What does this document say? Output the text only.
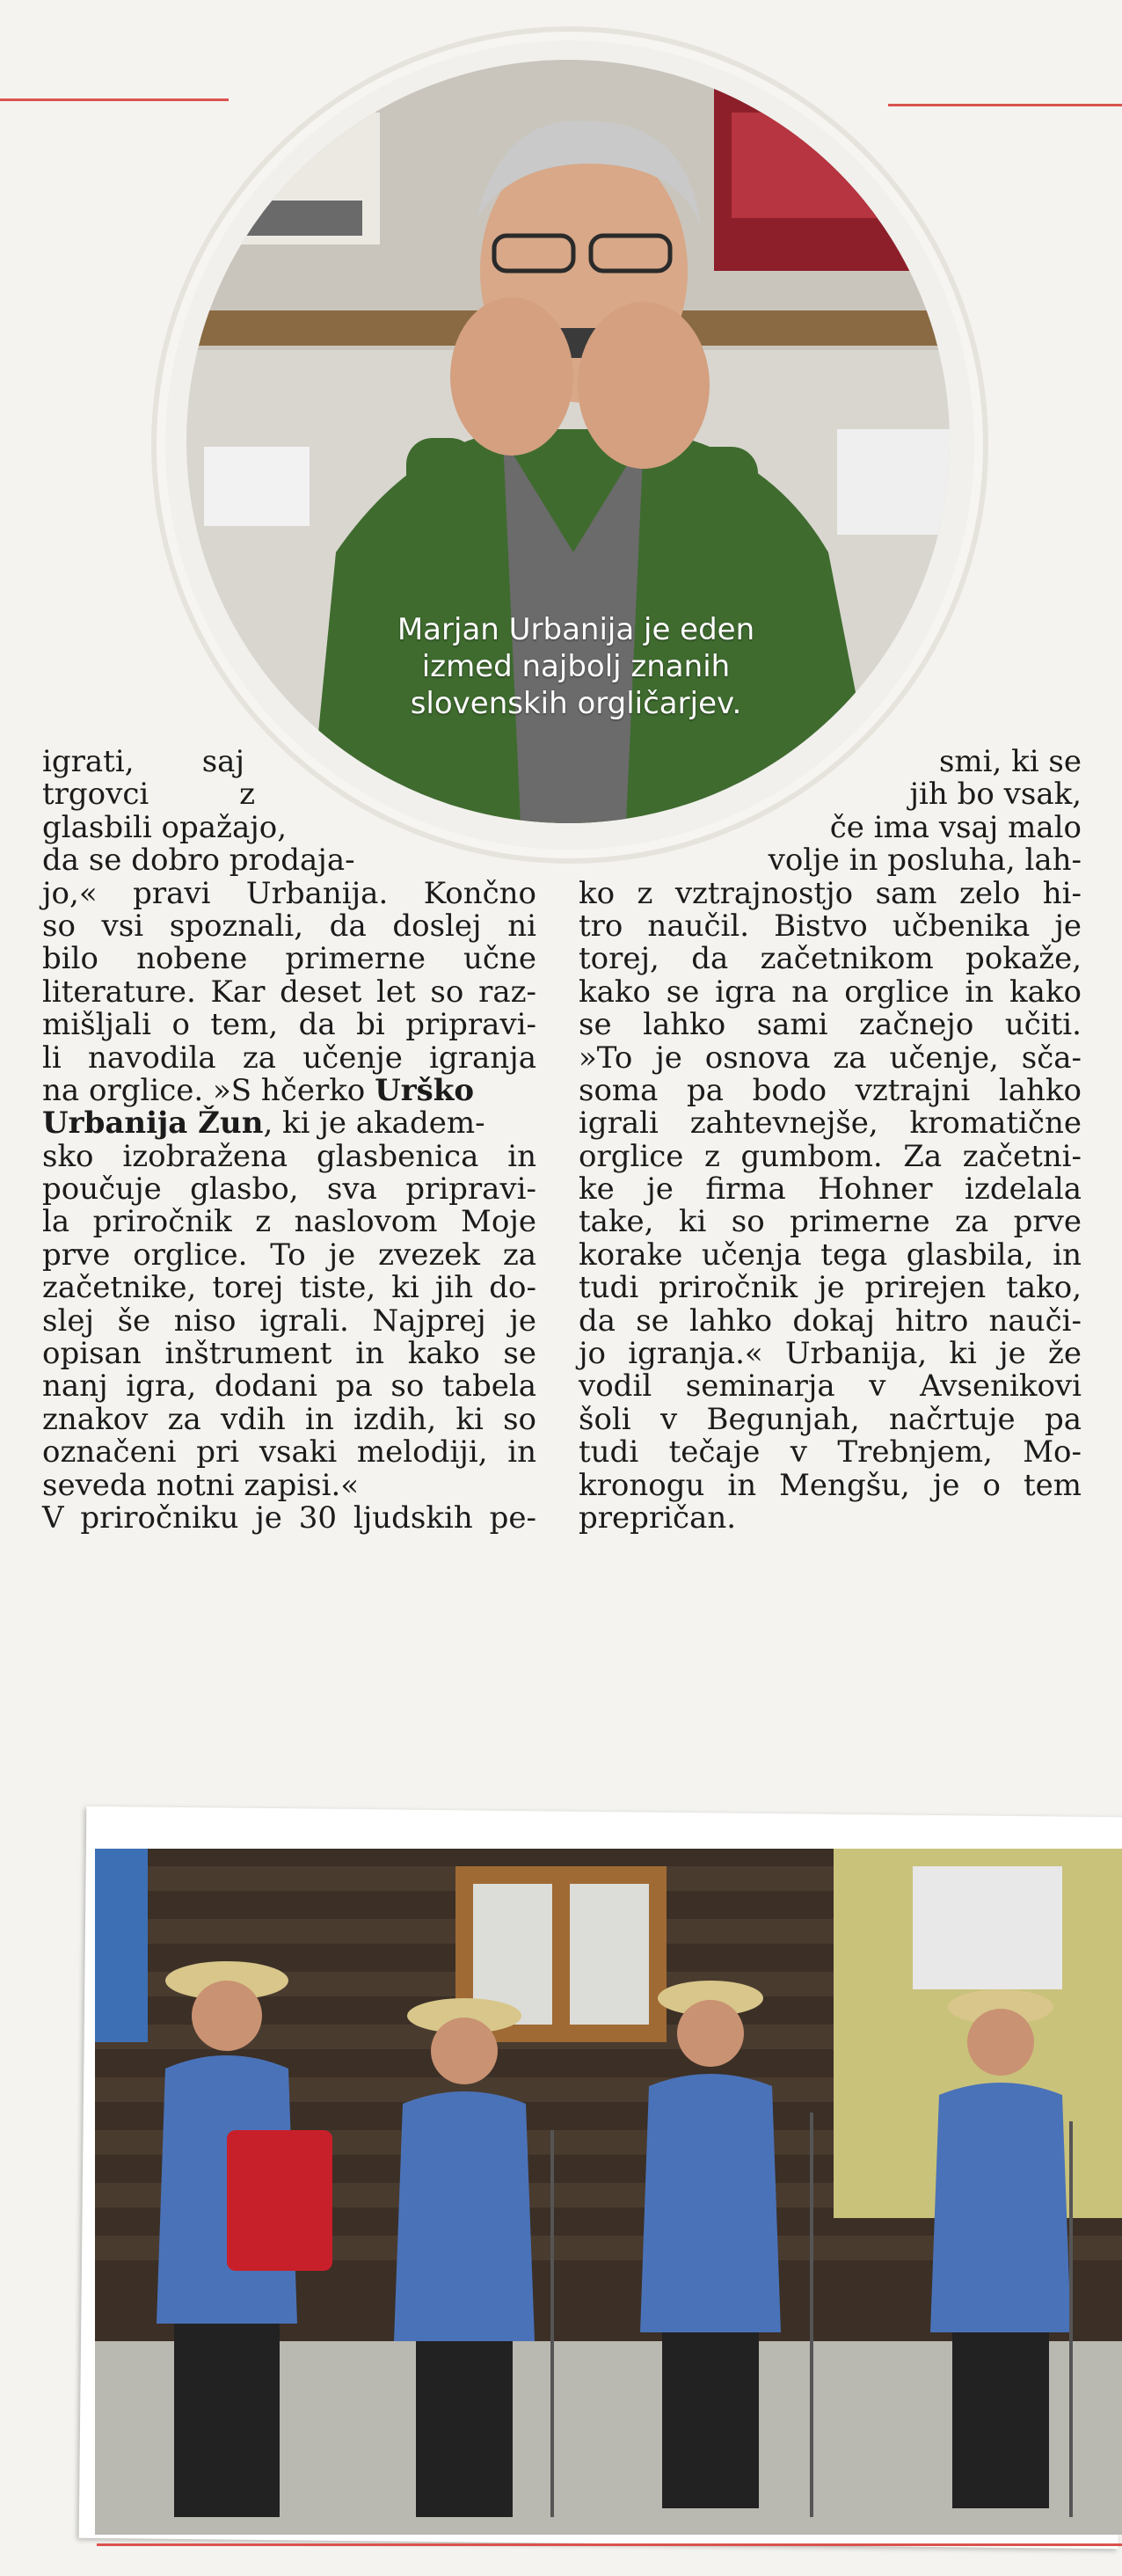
Marjan Urbanija je eden
izmed najbolj znanih
slovenskih orgličarjev.
igrati, saj
trgovci z
glasbili opažajo,
da se dobro prodaja-
jo,« pravi Urbanija. Končno
so vsi spoznali, da doslej ni
bilo nobene primerne učne
literature. Kar deset let so raz-
mišljali o tem, da bi pripravi-
li navodila za učenje igranja
na orglice. »S hčerko Urško
Urbanija Žun, ki je akadem-
sko izobražena glasbenica in
poučuje glasbo, sva pripravi-
la priročnik z naslovom Moje
prve orglice. To je zvezek za
začetnike, torej tiste, ki jih do-
slej še niso igrali. Najprej je
opisan inštrument in kako se
nanj igra, dodani pa so tabela
znakov za vdih in izdih, ki so
označeni pri vsaki melodiji, in
seveda notni zapisi.«
V priročniku je 30 ljudskih pe-
smi, ki se
jih bo vsak,
če ima vsaj malo
volje in posluha, lah-
ko z vztrajnostjo sam zelo hi-
tro naučil. Bistvo učbenika je
torej, da začetnikom pokaže,
kako se igra na orglice in kako
se lahko sami začnejo učiti.
»To je osnova za učenje, sča-
soma pa bodo vztrajni lahko
igrali zahtevnejše, kromatične
orglice z gumbom. Za začetni-
ke je firma Hohner izdelala
take, ki so primerne za prve
korake učenja tega glasbila, in
tudi priročnik je prirejen tako,
da se lahko dokaj hitro nauči-
jo igranja.« Urbanija, ki je že
vodil seminarja v Avsenikovi
šoli v Begunjah, načrtuje pa
tudi tečaje v Trebnjem, Mo-
kronogu in Mengšu, je o tem
prepričan.
